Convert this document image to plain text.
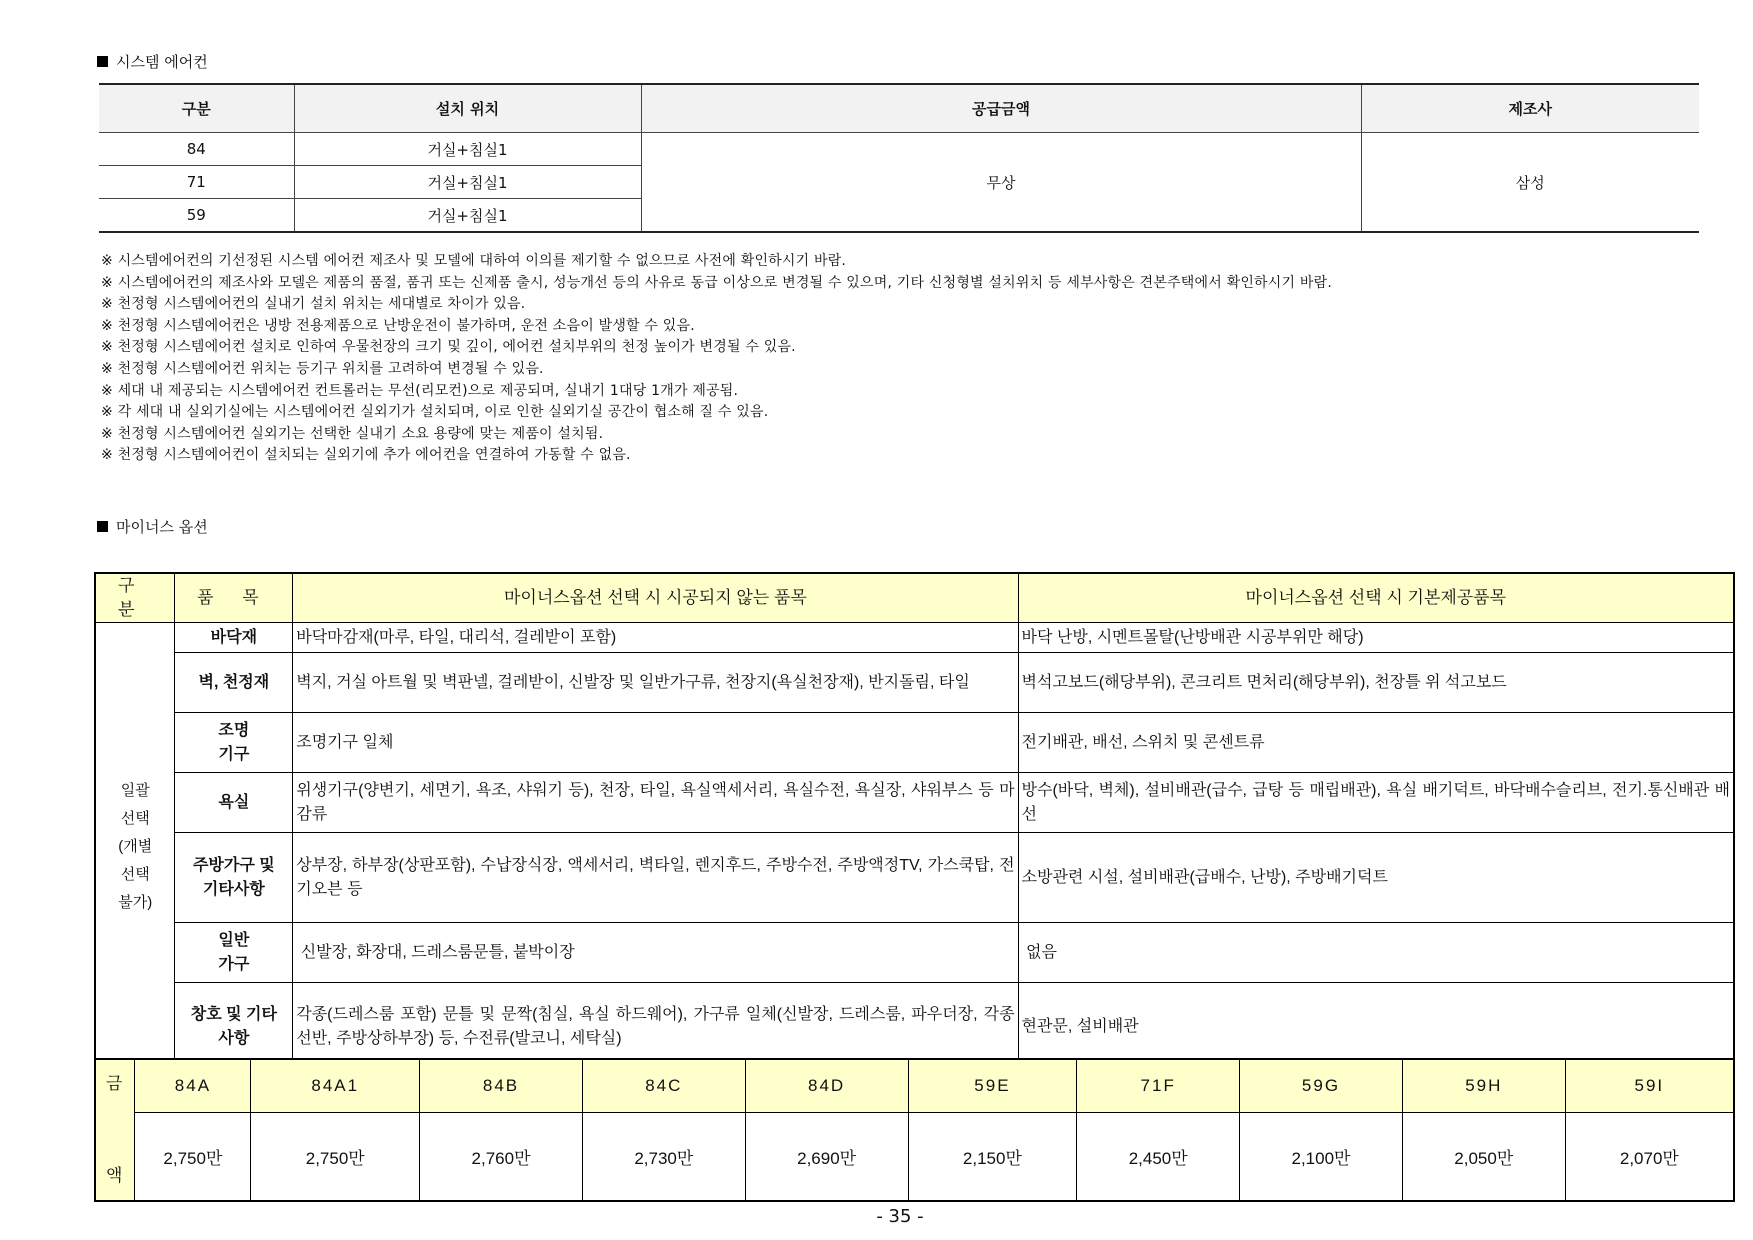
시스템 에어컨
구분	설치 위치	공급금액	제조사
84	거실+침실1	무상	삼성
71	거실+침실1		
59	거실+침실1		
※ 시스템에어컨의 기선정된 시스템 에어컨 제조사 및 모델에 대하여 이의를 제기할 수 없으므로 사전에 확인하시기 바람.
※ 시스템에어컨의 제조사와 모델은 제품의 품절, 품귀 또는 신제품 출시, 성능개선 등의 사유로 동급 이상으로 변경될 수 있으며, 기타 신청형별 설치위치 등 세부사항은 견본주택에서 확인하시기 바람.
※ 천정형 시스템에어컨의 실내기 설치 위치는 세대별로 차이가 있음.
※ 천정형 시스템에어컨은 냉방 전용제품으로 난방운전이 불가하며, 운전 소음이 발생할 수 있음.
※ 천정형 시스템에어컨 설치로 인하여 우물천장의 크기 및 깊이, 에어컨 설치부위의 천정 높이가 변경될 수 있음.
※ 천정형 시스템에어컨 위치는 등기구 위치를 고려하여 변경될 수 있음.
※ 세대 내 제공되는 시스템에어컨 컨트롤러는 무선(리모컨)으로 제공되며, 실내기 1대당 1개가 제공됨.
※ 각 세대 내 실외기실에는 시스템에어컨 실외기가 설치되며, 이로 인한 실외기실 공간이 협소해 질 수 있음.
※ 천정형 시스템에어컨 실외기는 선택한 실내기 소요 용량에 맞는 제품이 설치됨.
※ 천정형 시스템에어컨이 설치되는 실외기에 추가 에어컨을 연결하여 가동할 수 없음.
마이너스 옵션
구 분	품 목	마이너스옵션 선택 시 시공되지 않는 품목	마이너스옵션 선택 시 기본제공품목
일괄
선택
(개별
선택
불가)	바닥재	바닥마감재(마루, 타일, 대리석, 걸레받이 포함)	바닥 난방, 시멘트몰탈(난방배관 시공부위만 해당)
	벽, 천정재	벽지, 거실 아트월 및 벽판넬, 걸레받이, 신발장 및 일반가구류, 천장지(욕실천장재), 반지돌림, 타일	벽석고보드(해당부위), 콘크리트 면처리(해당부위), 천장틀 위 석고보드
	조명
기구	조명기구 일체	전기배관, 배선, 스위치 및 콘센트류
	욕실	위생기구(양변기, 세면기, 욕조, 샤워기 등), 천장, 타일, 욕실액세서리, 욕실수전, 욕실장, 샤워부스 등 마감류	방수(바닥, 벽체), 설비배관(급수, 급탕 등 매립배관), 욕실 배기덕트, 바닥배수슬리브, 전기.통신배관 배선
	주방가구 및
기타사항	상부장, 하부장(상판포함), 수납장식장, 액세서리, 벽타일, 렌지후드, 주방수전, 주방액정TV, 가스쿡탑, 전기오븐 등	소방관련 시설, 설비배관(급배수, 난방), 주방배기덕트
	일반
가구	신발장, 화장대, 드레스룸문틀, 붙박이장	없음
	창호 및 기타
사항	각종(드레스룸 포함) 문틀 및 문짝(침실, 욕실 하드웨어), 가구류 일체(신발장, 드레스룸, 파우더장, 각종 선반, 주방상하부장) 등, 수전류(발코니, 세탁실)	현관문, 설비배관
금

액	84A	84A1	84B	84C	84D	59E	71F	59G	59H	59I
	2,750만	2,750만	2,760만	2,730만	2,690만	2,150만	2,450만	2,100만	2,050만	2,070만
- 35 -
